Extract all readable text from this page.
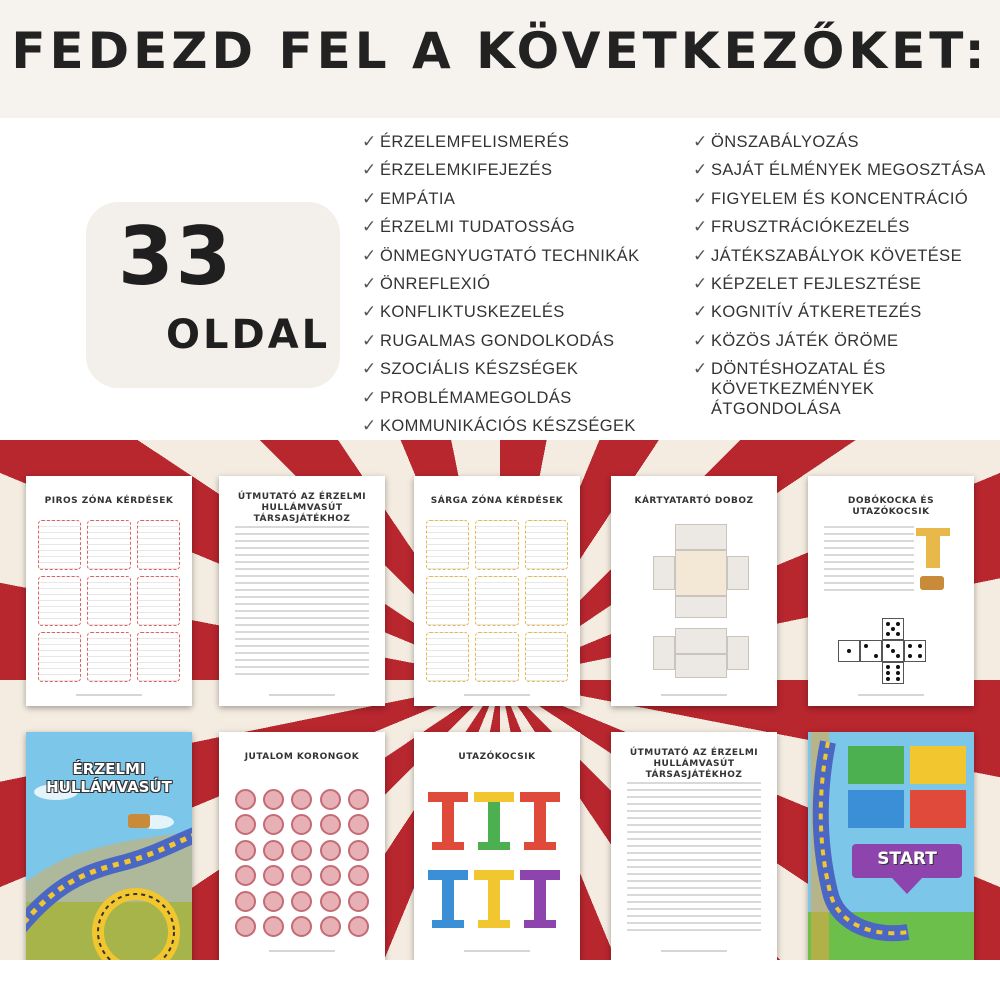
FEDEZD FEL A KÖVETKEZŐKET:
33
OLDAL
✓ ÉRZELEMFELISMERÉS
✓ ÉRZELEMKIFEJEZÉS
✓ EMPÁTIA
✓ ÉRZELMI TUDATOSSÁG
✓ ÖNMEGNYUGTATÓ TECHNIKÁK
✓ ÖNREFLEXIÓ
✓ KONFLIKTUSKEZELÉS
✓ RUGALMAS GONDOLKODÁS
✓ SZOCIÁLIS KÉSZSÉGEK
✓ PROBLÉMAMEGOLDÁS
✓ KOMMUNIKÁCIÓS KÉSZSÉGEK
✓ ÖNSZABÁLYOZÁS
✓ SAJÁT ÉLMÉNYEK MEGOSZTÁSA
✓ FIGYELEM ÉS KONCENTRÁCIÓ
✓ FRUSZTRÁCIÓKEZELÉS
✓ JÁTÉKSZABÁLYOK KÖVETÉSE
✓ KÉPZELET FEJLESZTÉSE
✓ KOGNITÍV ÁTKERETEZÉS
✓ KÖZÖS JÁTÉK ÖRÖME
✓ DÖNTÉSHOZATAL ÉS KÖVETKEZMÉNYEK ÁTGONDOLÁSA
PIROS ZÓNA KÉRDÉSEK	ÚTMUTATÓ AZ ÉRZELMI HULLÁMVASÚT TÁRSASJÁTÉKHOZ
SÁRGA ZÓNA KÉRDÉSEK	KÁRTYATARTÓ DOBOZ	DOBÓKOCKA ÉS UTAZÓKOCSIK
ÉRZELMI HULLÁMVASÚT
JUTALOM KORONGOK	UTAZÓKOCSIK	ÚTMUTATÓ AZ ÉRZELMI HULLÁMVASÚT TÁRSASJÁTÉKHOZ
START
